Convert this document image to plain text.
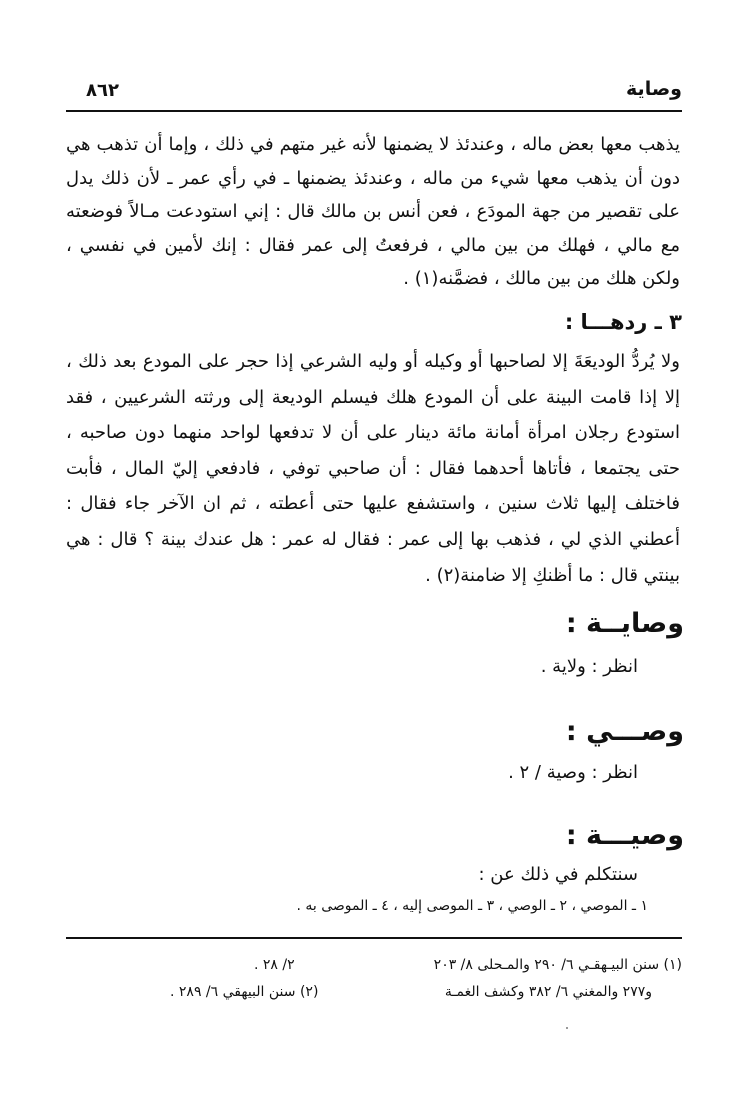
وصاية
٨٦٢
يذهب معها بعض ماله ، وعندئذ لا يضمنها لأنه غير متهم في ذلك ، وإما أن تذهب هي دون أن يذهب معها شيء من ماله ، وعندئذ يضمنها ـ في رأي عمر ـ لأن ذلك يدل على تقصير من جهة المودَع ، فعن أنس بن مالك قال : إني استودعت مـالاً فوضعته مع مالي ، فهلك من بين مالي ، فرفعتُ إلى عمر فقال : إنك لأمين في نفسي ، ولكن هلك من بين مالك ، فضمَّنه(١) .
٣ ـ ردهـــا :
ولا يُردُّ الوديعَةَ إلا لصاحبها أو وكيله أو وليه الشرعي إذا حجر على المودع بعد ذلك ، إلا إذا قامت البينة على أن المودع هلك فيسلم الوديعة إلى ورثته الشرعيين ، فقد استودع رجلان امرأة أمانة مائة دينار على أن لا تدفعها لواحد منهما دون صاحبه ، حتى يجتمعا ، فأتاها أحدهما فقال : أن صاحبي توفي ، فادفعي إليّ المال ، فأبت فاختلف إليها ثلاث سنين ، واستشفع عليها حتى أعطته ، ثم ان الآخر جاء فقال : أعطني الذي لي ، فذهب بها إلى عمر : فقال له عمر : هل عندك بينة ؟ قال : هي بينتي قال : ما أظنكِ إلا ضامنة(٢) .
وصايــة :
انظر : ولاية .
وصـــي :
انظر : وصية / ٢ .
وصيـــة :
سنتكلم في ذلك عن :
١ ـ الموصي ، ٢ ـ الوصي ، ٣ ـ الموصى إليه ، ٤ ـ الموصى به .
(١) سنن البيـهقـي ٦/ ٢٩٠ والمـحلى ٨/ ٢٠٣
٢/ ٢٨ .
و٢٧٧ والمغني ٦/ ٣٨٢ وكشف الغمـة
(٢) سنن البيهقي ٦/ ٢٨٩ .
